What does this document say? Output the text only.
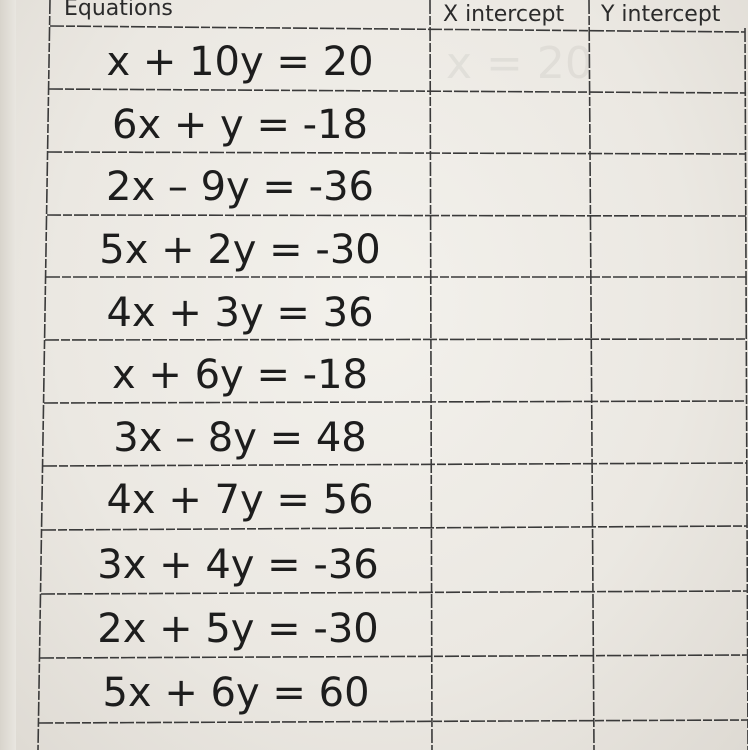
Equations	X intercept Y intercept
x = 20
x + 10y = 20
6x + y = -18
2x – 9y = -36
5x + 2y = -30
4x + 3y = 36
x + 6y = -18
3x – 8y = 48
4x + 7y = 56
3x + 4y = -36
2x + 5y = -30
5x + 6y = 60
